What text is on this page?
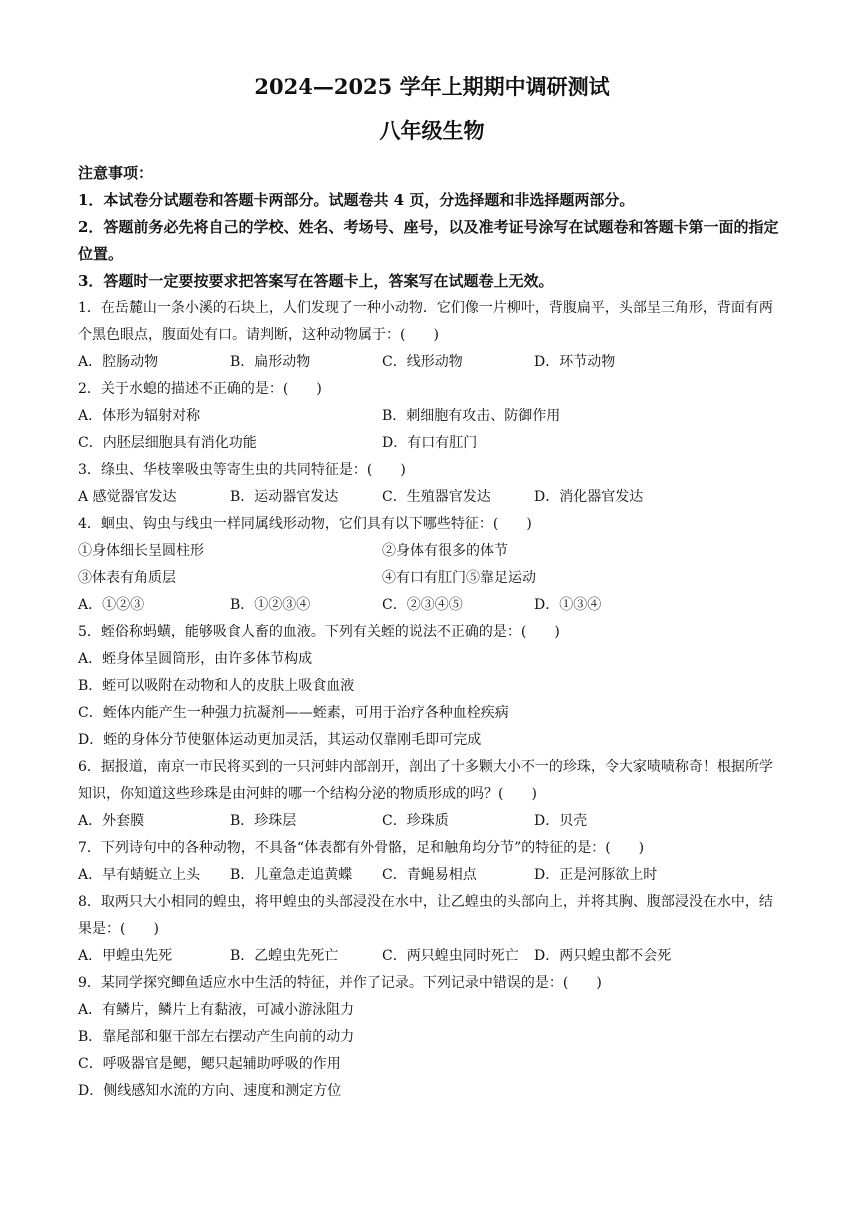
2024—2025 学年上期期中调研测试
八年级生物
注意事项：
1．本试卷分试题卷和答题卡两部分。试题卷共 4 页，分选择题和非选择题两部分。
2．答题前务必先将自己的学校、姓名、考场号、座号，以及准考证号涂写在试题卷和答题卡第一面的指定位置。
3．答题时一定要按要求把答案写在答题卡上，答案写在试题卷上无效。
1．在岳麓山一条小溪的石块上，人们发现了一种小动物．它们像一片柳叶，背腹扁平，头部呈三角形，背面有两个黑色眼点，腹面处有口。请判断，这种动物属于：(　　)
A．腔肠动物	B．扁形动物	C．线形动物	D．环节动物
2．关于水螅的描述不正确的是：(　　)
A．体形为辐射对称	B．刺细胞有攻击、防御作用
C．内胚层细胞具有消化功能	D．有口有肛门
3．绦虫、华枝睾吸虫等寄生虫的共同特征是：(　　)
A 感觉器官发达	B．运动器官发达	C．生殖器官发达	D．消化器官发达
4．蛔虫、钩虫与线虫一样同属线形动物，它们具有以下哪些特征：(　　)
①身体细长呈圆柱形	②身体有很多的体节
③体表有角质层	④有口有肛门⑤靠足运动
A．①②③	B．①②③④	C．②③④⑤	D．①③④
5．蛭俗称蚂蟥，能够吸食人畜的血液。下列有关蛭的说法不正确的是：(　　)
A．蛭身体呈圆筒形，由许多体节构成
B．蛭可以吸附在动物和人的皮肤上吸食血液
C．蛭体内能产生一种强力抗凝剂——蛭素，可用于治疗各种血栓疾病
D．蛭的身体分节使躯体运动更加灵活，其运动仅靠刚毛即可完成
6．据报道，南京一市民将买到的一只河蚌内部剖开，剖出了十多颗大小不一的珍珠，令大家啧啧称奇！根据所学知识，你知道这些珍珠是由河蚌的哪一个结构分泌的物质形成的吗？(　　)
A．外套膜	B．珍珠层	C．珍珠质	D．贝壳
7．下列诗句中的各种动物，不具备“体表都有外骨骼，足和触角均分节”的特征的是：(　　)
A．早有蜻蜓立上头	B．儿童急走追黄蝶	C．青蝇易相点	D．正是河豚欲上时
8．取两只大小相同的蝗虫，将甲蝗虫的头部浸没在水中，让乙蝗虫的头部向上，并将其胸、腹部浸没在水中，结果是：(　　)
A．甲蝗虫先死	B．乙蝗虫先死亡	C．两只蝗虫同时死亡	D．两只蝗虫都不会死
9．某同学探究鲫鱼适应水中生活的特征，并作了记录。下列记录中错误的是：(　　)
A．有鳞片，鳞片上有黏液，可减小游泳阻力
B．靠尾部和躯干部左右摆动产生向前的动力
C．呼吸器官是鳃，鳃只起辅助呼吸的作用
D．侧线感知水流的方向、速度和测定方位
